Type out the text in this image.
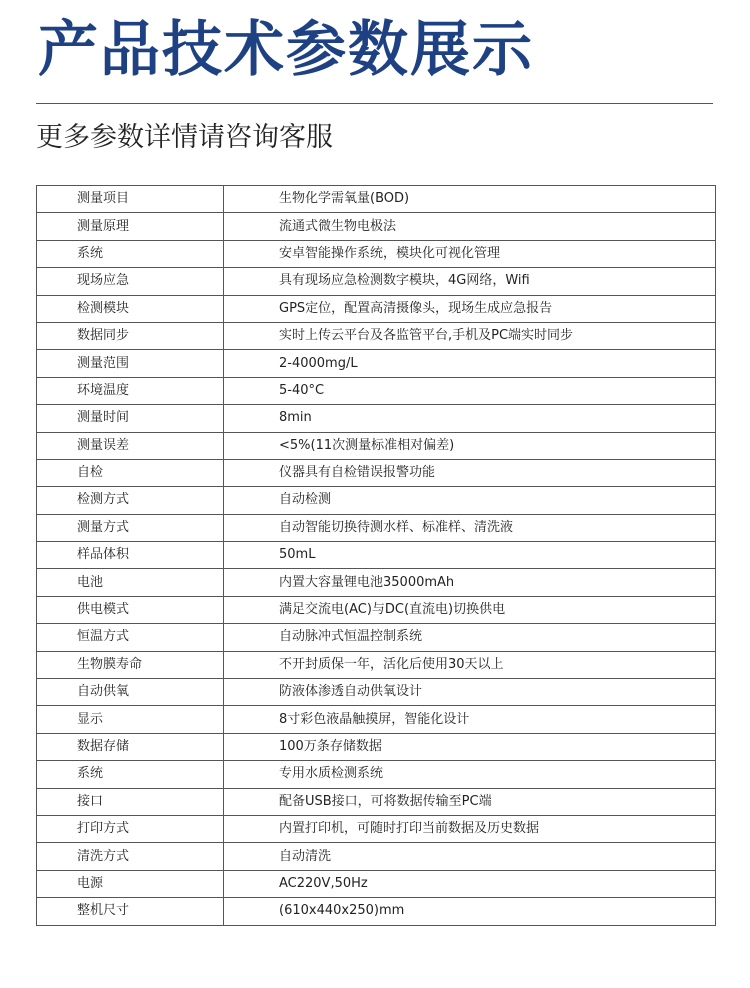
产品技术参数展示
更多参数详情请咨询客服
测量项目	生物化学需氧量(BOD)
测量原理	流通式微生物电极法
系统	安卓智能操作系统，模块化可视化管理
现场应急	具有现场应急检测数字模块，4G网络，Wifi
检测模块	GPS定位，配置高清摄像头，现场生成应急报告
数据同步	实时上传云平台及各监管平台,手机及PC端实时同步
测量范围	2-4000mg/L
环境温度	5-40°C
测量时间	8min
测量误差	<5%(11次测量标准相对偏差)
自检	仪器具有自检错误报警功能
检测方式	自动检测
测量方式	自动智能切换待测水样、标准样、清洗液
样品体积	50mL
电池	内置大容量锂电池35000mAh
供电模式	满足交流电(AC)与DC(直流电)切换供电
恒温方式	自动脉冲式恒温控制系统
生物膜寿命	不开封质保一年，活化后使用30天以上
自动供氧	防液体渗透自动供氧设计
显示	8寸彩色液晶触摸屏，智能化设计
数据存储	100万条存储数据
系统	专用水质检测系统
接口	配备USB接口，可将数据传输至PC端
打印方式	内置打印机，可随时打印当前数据及历史数据
清洗方式	自动清洗
电源	AC220V,50Hz
整机尺寸	(610x440x250)mm
